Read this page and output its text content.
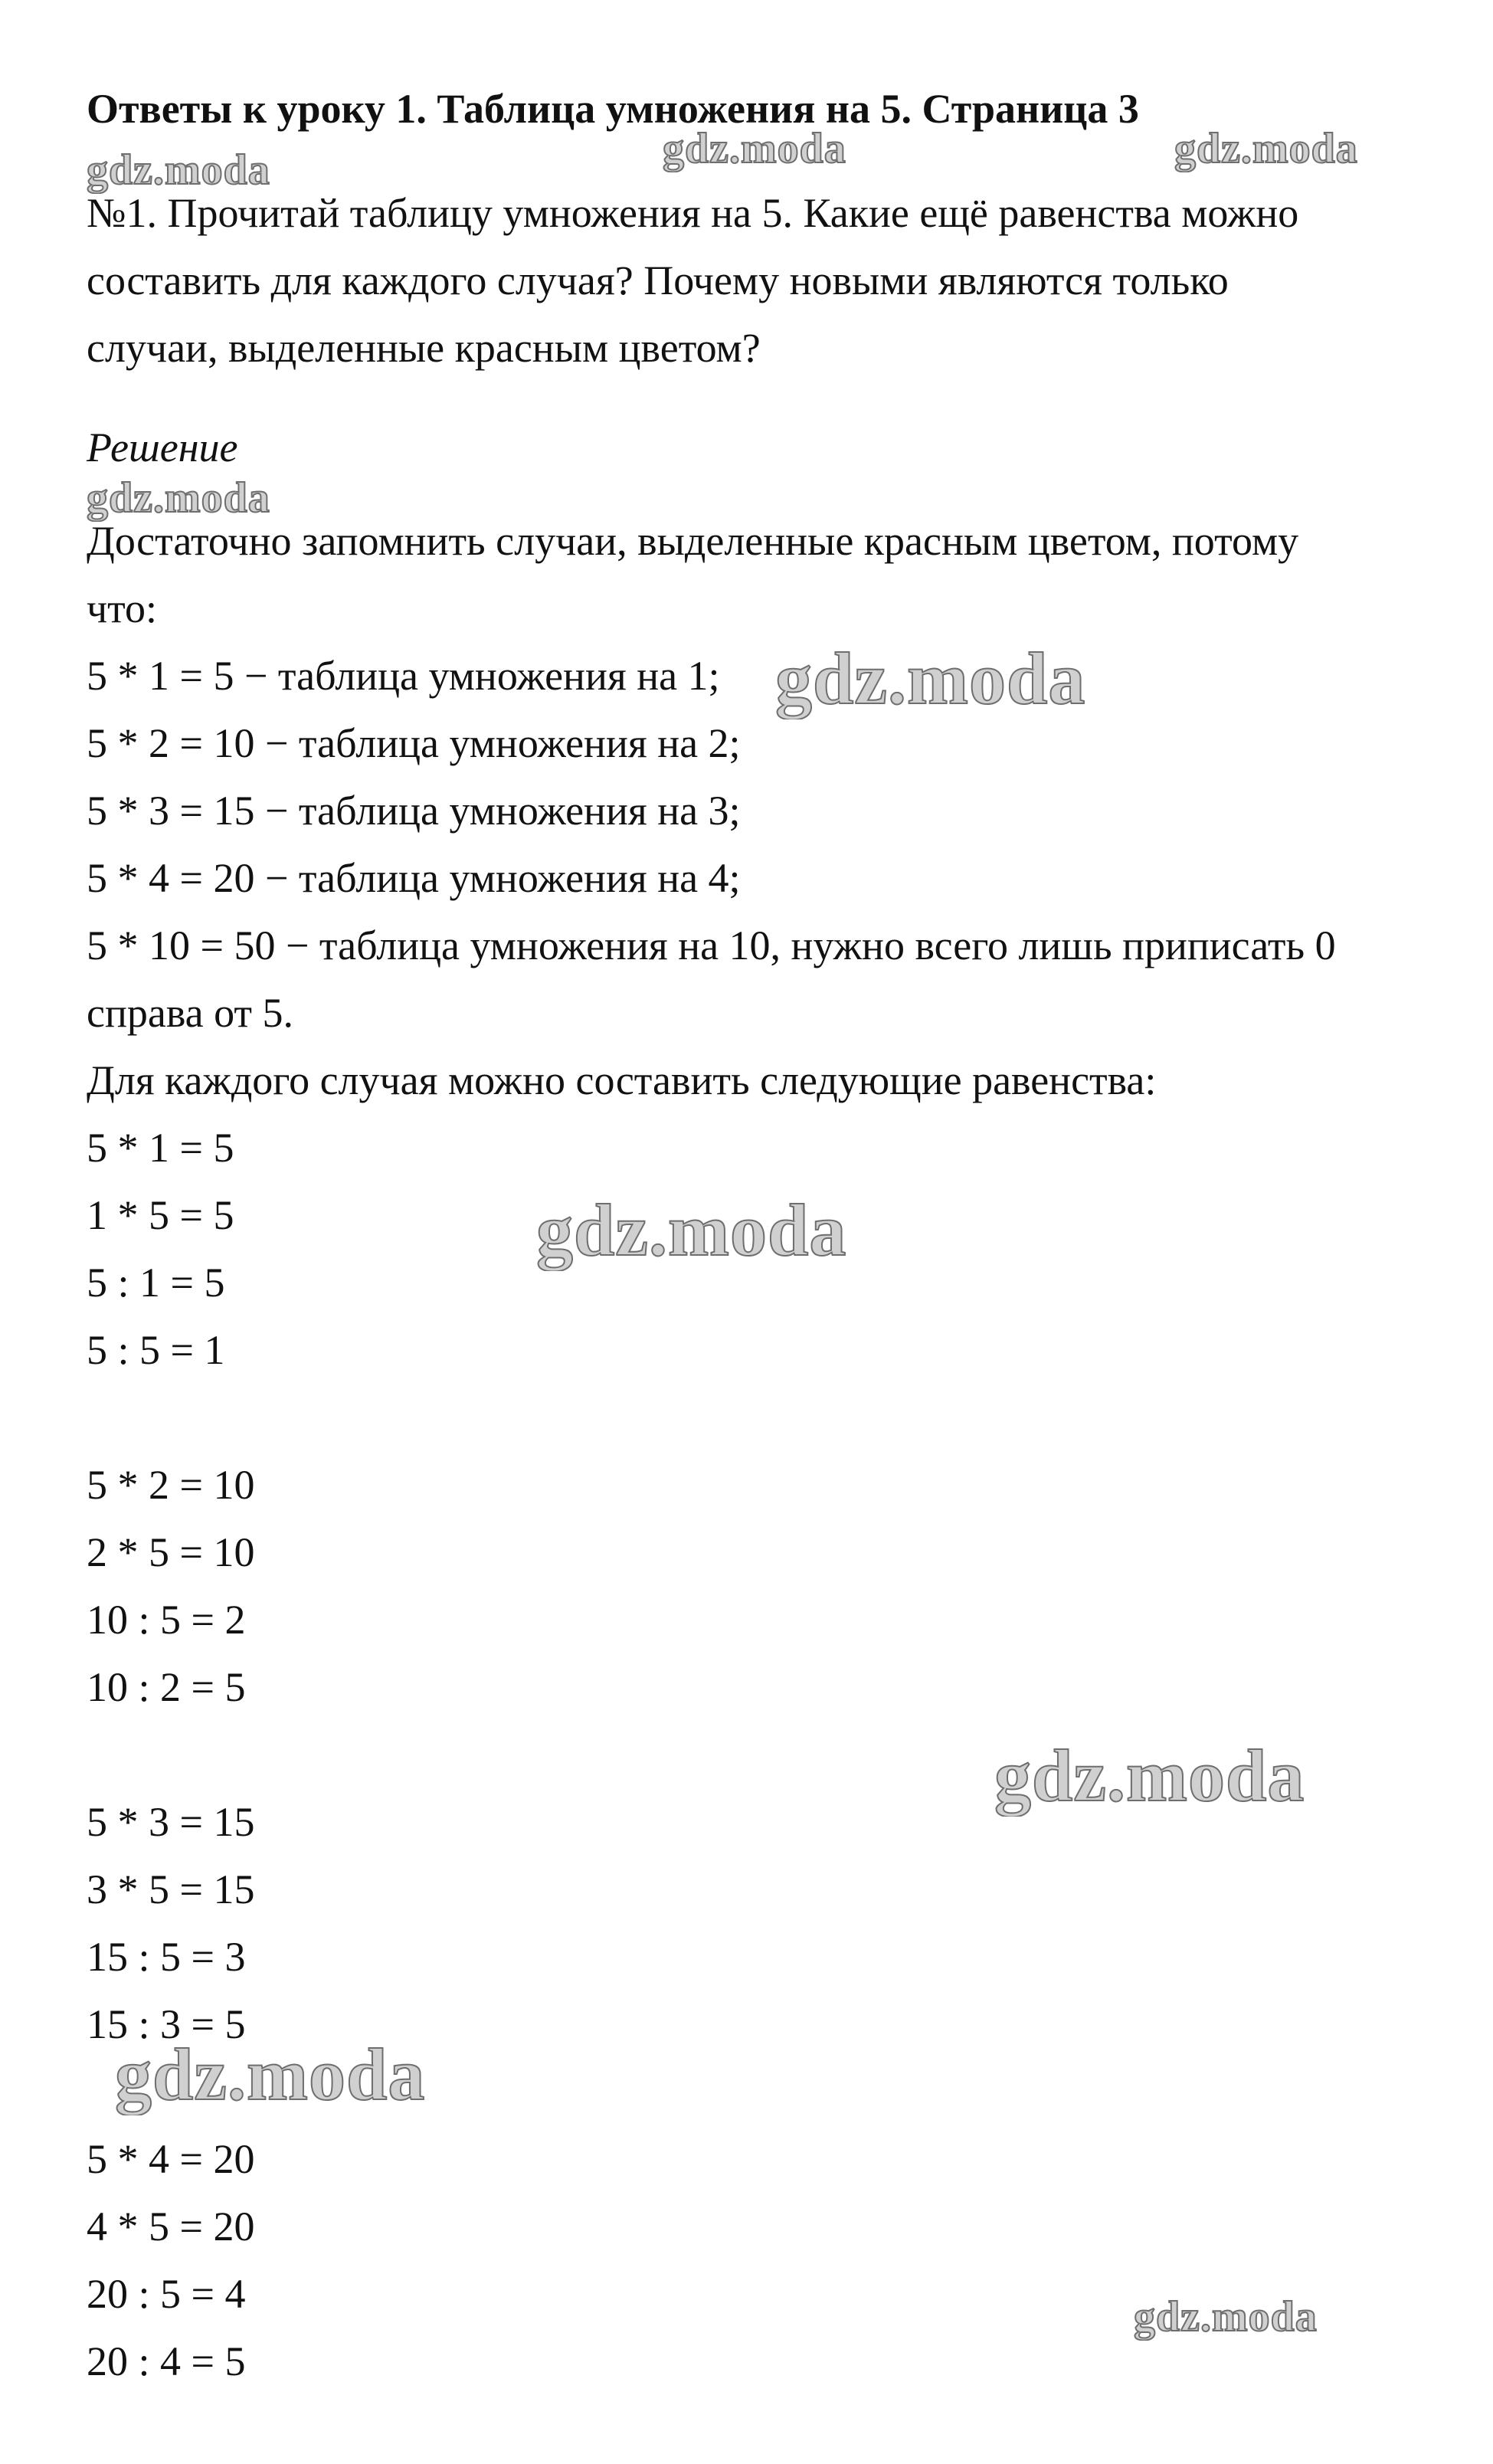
Ответы к уроку 1. Таблица умножения на 5. Страница 3
№1. Прочитай таблицу умножения на 5. Какие ещё равенства можно
составить для каждого случая? Почему новыми являются только
случаи, выделенные красным цветом?
Решение
Достаточно запомнить случаи, выделенные красным цветом, потому
что:
5 * 1 = 5 − таблица умножения на 1;
5 * 2 = 10 − таблица умножения на 2;
5 * 3 = 15 − таблица умножения на 3;
5 * 4 = 20 − таблица умножения на 4;
5 * 10 = 50 − таблица умножения на 10, нужно всего лишь приписать 0
справа от 5.
Для каждого случая можно составить следующие равенства:
5 * 1 = 5
1 * 5 = 5
5 : 1 = 5
5 : 5 = 1
5 * 2 = 10
2 * 5 = 10
10 : 5 = 2
10 : 2 = 5
5 * 3 = 15
3 * 5 = 15
15 : 5 = 3
15 : 3 = 5
5 * 4 = 20
4 * 5 = 20
20 : 5 = 4
20 : 4 = 5
gdz.moda	gdz.moda	gdz.moda
gdz.moda
gdz.moda
gdz.moda
gdz.moda
gdz.moda
gdz.moda
